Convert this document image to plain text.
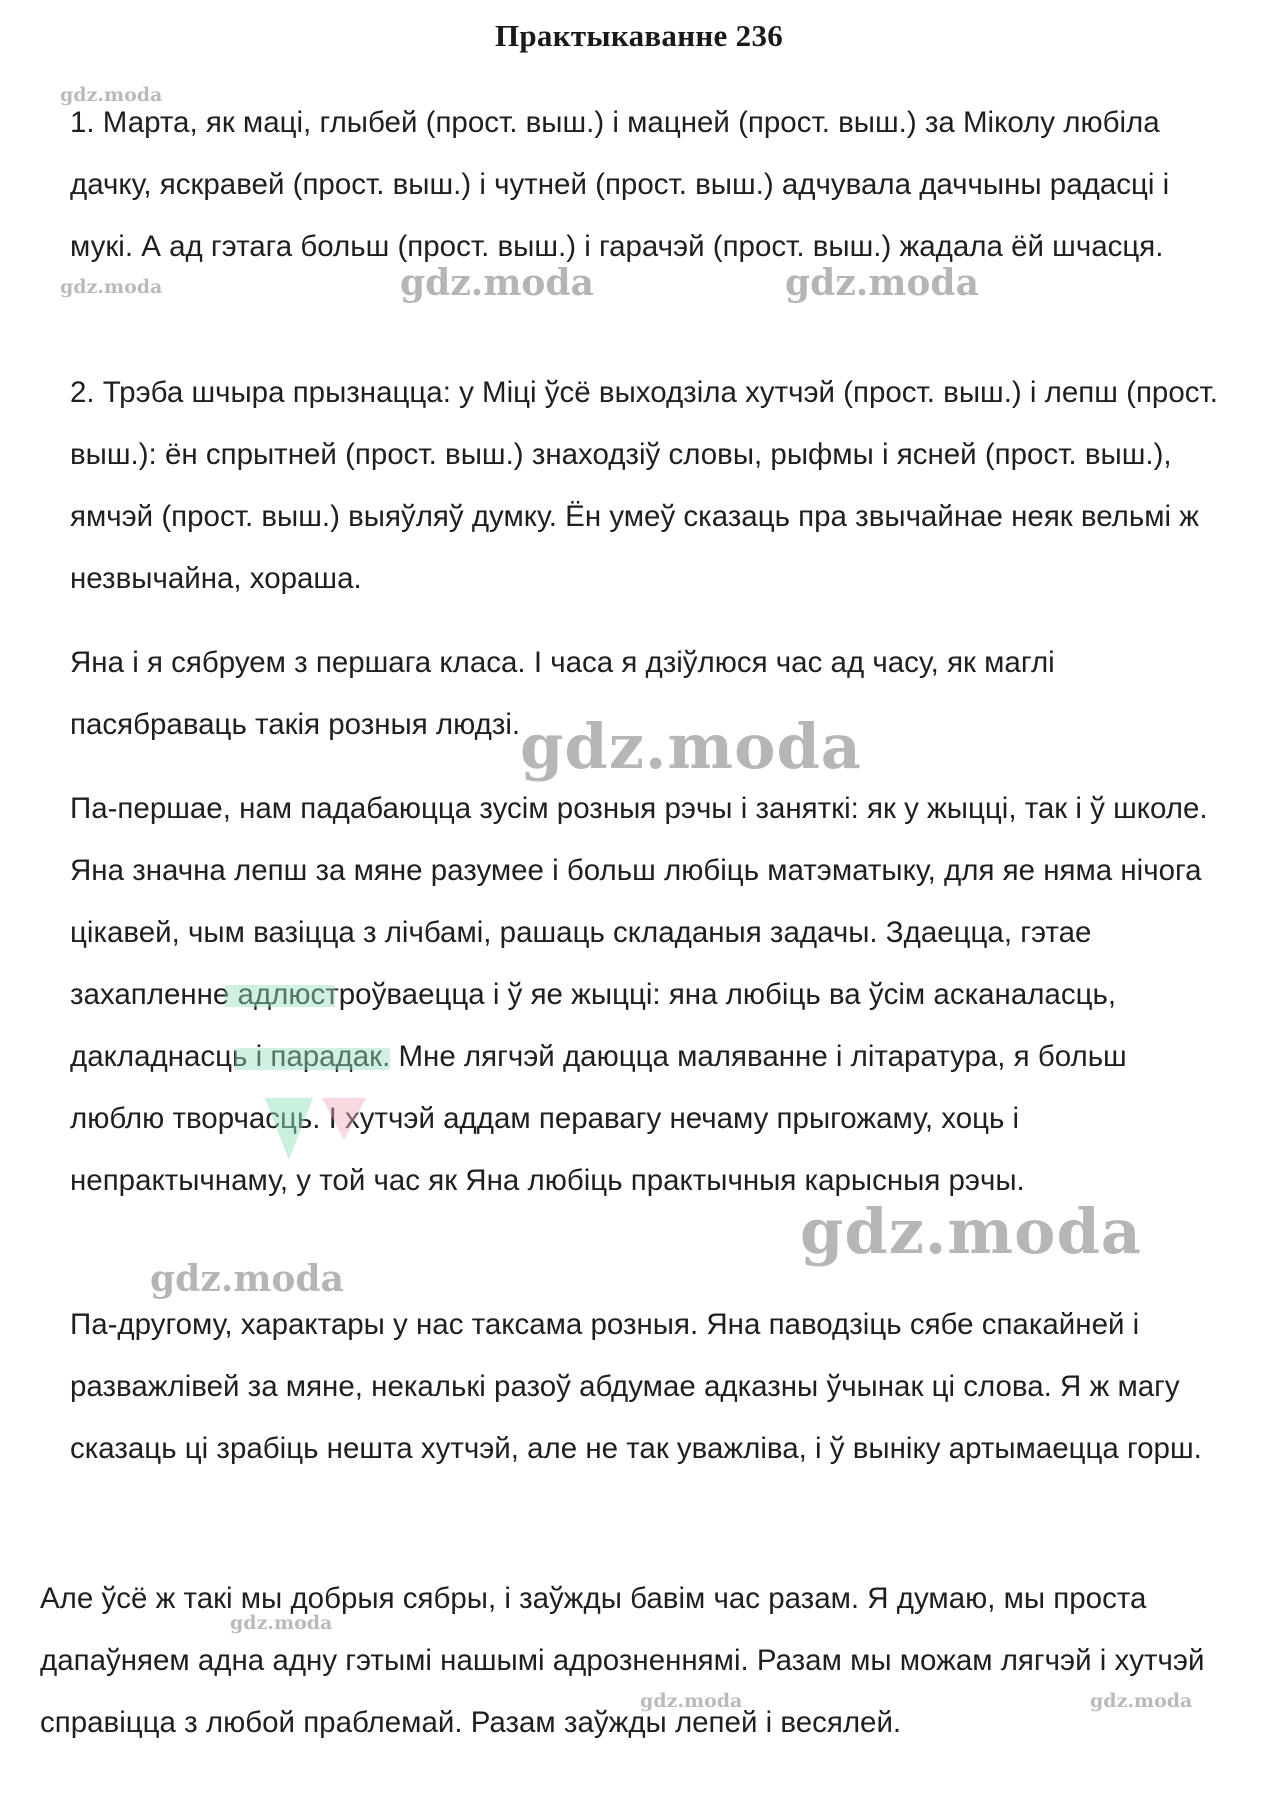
Практыкаванне 236

1. Марта, як маці, глыбей (прост. выш.) і мацней (прост. выш.) за Міколу любіла дачку, яскравей (прост. выш.) і чутней (прост. выш.) адчувала даччыны радасці і мукі. А ад гэтага больш (прост. выш.) і гарачэй (прост. выш.) жадала ёй шчасця.

2. Трэба шчыра прызнацца: у Міці ўсё выходзіла хутчэй (прост. выш.) і лепш (прост. выш.): ён спрытней (прост. выш.) знаходзіў словы, рыфмы і ясней (прост. выш.), ямчэй (прост. выш.) выяўляў думку. Ён умеў сказаць пра звычайнае неяк вельмі ж незвычайна, хораша.

Яна і я сябруем з першага класа. І часа я дзіўлюся час ад часу, як маглі пасябраваць такія розныя людзі.

Па-першае, нам падабаюцца зусім розныя рэчы і заняткі: як у жыцці, так і ў школе. Яна значна лепш за мяне разумее і больш любіць матэматыку, для яе няма нічога цікавей, чым вазіцца з лічбамі, рашаць складаныя задачы. Здаецца, гэтае захапленне адлюстроўваецца і ў яе жыцці: яна любіць ва ўсім асканаласць, дакладнасць і парадак. Мне лягчэй даюцца маляванне і літаратура, я больш люблю творчасць. І хутчэй аддам перавагу нечаму прыгожаму, хоць і непрактычнаму, у той час як Яна любіць практычныя карысныя рэчы.

Па-другому, характары у нас таксама розныя. Яна паводзіць сябе спакайней і разважлівей за мяне, некалькі разоў абдумае адказны ўчынак ці слова. Я ж магу сказаць ці зрабіць нешта хутчэй, але не так уважліва, і ў выніку артымаецца горш.

Але ўсё ж такі мы добрыя сябры, і заўжды бавім час разам. Я думаю, мы проста дапаўняем адна адну гэтымі нашымі адрозненнямі. Разам мы можам лягчэй і хутчэй справіцца з любой праблемай. Разам заўжды лепей і весялей.

gdz.moda
gdz.moda	gdz.moda	gdz.moda
gdz.moda
gdz.moda
gdz.moda
gdz.moda
gdz.moda	gdz.moda
